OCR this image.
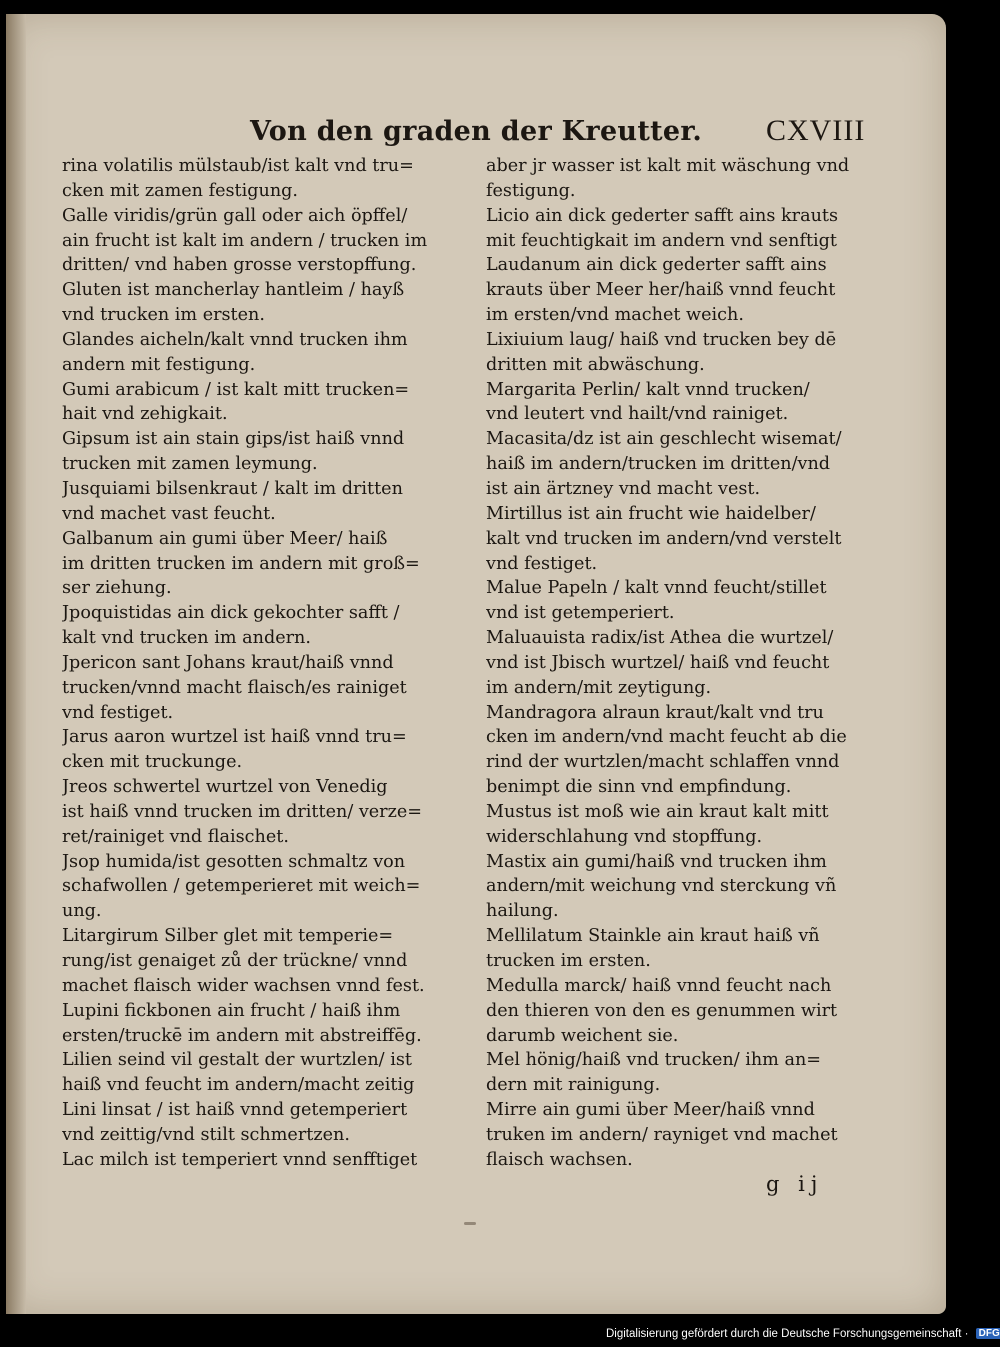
Von den graden der Kreutter. CXVIII
rina volatilis mülstaub/ist kalt vnd tru=
cken mit zamen festigung.
Galle viridis/grün gall oder aich öpffel/
ain frucht ist kalt im andern / trucken im
dritten/ vnd haben grosse verstopffung.
Gluten ist mancherlay hantleim / hayß
vnd trucken im ersten.
Glandes aicheln/kalt vnnd trucken ihm
andern mit festigung.
Gumi arabicum / ist kalt mitt trucken=
hait vnd zehigkait.
Gipsum ist ain stain gips/ist haiß vnnd
trucken mit zamen leymung.
Jusquiami bilsenkraut / kalt im dritten
vnd machet vast feucht.
Galbanum ain gumi über Meer/ haiß
im dritten trucken im andern mit groß=
ser ziehung.
Jpoquistidas ain dick gekochter safft /
kalt vnd trucken im andern.
Jpericon sant Johans kraut/haiß vnnd
trucken/vnnd macht flaisch/es rainiget
vnd festiget.
Jarus aaron wurtzel ist haiß vnnd tru=
cken mit truckunge.
Jreos schwertel wurtzel von Venedig
ist haiß vnnd trucken im dritten/ verze=
ret/rainiget vnd flaischet.
Jsop humida/ist gesotten schmaltz von
schafwollen / getemperieret mit weich=
ung.
Litargirum Silber glet mit temperie=
rung/ist genaiget zů der trückne/ vnnd
machet flaisch wider wachsen vnnd fest.
Lupini fickbonen ain frucht / haiß ihm
ersten/truckē im andern mit abstreiffēg.
Lilien seind vil gestalt der wurtzlen/ ist
haiß vnd feucht im andern/macht zeitig
Lini linsat / ist haiß vnnd getemperiert
vnd zeittig/vnd stilt schmertzen.
Lac milch ist temperiert vnnd senfftiget
aber jr wasser ist kalt mit wäschung vnd
festigung.
Licio ain dick gederter safft ains krauts
mit feuchtigkait im andern vnd senftigt
Laudanum ain dick gederter safft ains
krauts über Meer her/haiß vnnd feucht
im ersten/vnd machet weich.
Lixiuium laug/ haiß vnd trucken bey dē
dritten mit abwäschung.
Margarita Perlin/ kalt vnnd trucken/
vnd leutert vnd hailt/vnd rainiget.
Macasita/dz ist ain geschlecht wisemat/
haiß im andern/trucken im dritten/vnd
ist ain ärtzney vnd macht vest.
Mirtillus ist ain frucht wie haidelber/
kalt vnd trucken im andern/vnd verstelt
vnd festiget.
Malue Papeln / kalt vnnd feucht/stillet
vnd ist getemperiert.
Maluauista radix/ist Athea die wurtzel/
vnd ist Jbisch wurtzel/ haiß vnd feucht
im andern/mit zeytigung.
Mandragora alraun kraut/kalt vnd tru
cken im andern/vnd macht feucht ab die
rind der wurtzlen/macht schlaffen vnnd
benimpt die sinn vnd empfindung.
Mustus ist moß wie ain kraut kalt mitt
widerschlahung vnd stopffung.
Mastix ain gumi/haiß vnd trucken ihm
andern/mit weichung vnd sterckung vñ
hailung.
Mellilatum Stainkle ain kraut haiß vñ
trucken im ersten.
Medulla marck/ haiß vnnd feucht nach
den thieren von den es genummen wirt
darumb weichent sie.
Mel hönig/haiß vnd trucken/ ihm an=
dern mit rainigung.
Mirre ain gumi über Meer/haiß vnnd
truken im andern/ rayniget vnd machet
flaisch wachsen.
g ij
Digitalisierung gefördert durch die Deutsche Forschungsgemeinschaft · DFG
